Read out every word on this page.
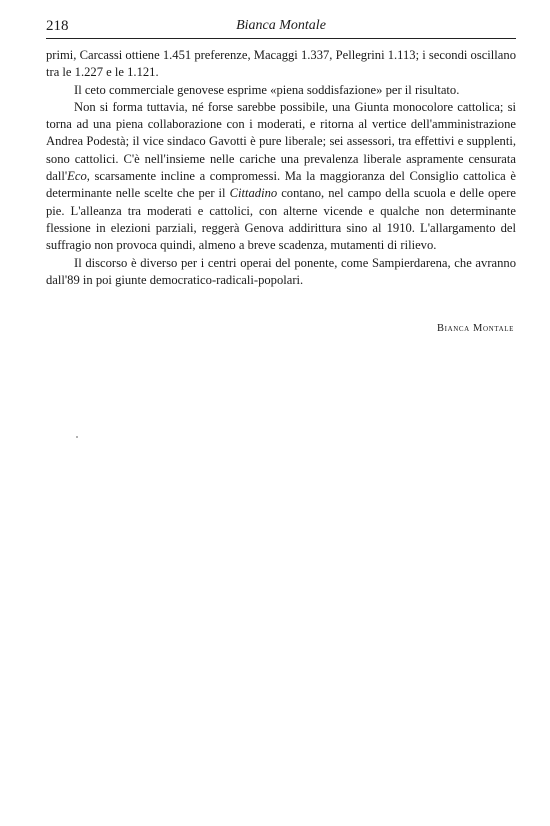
218	Bianca Montale

primi, Carcassi ottiene 1.451 preferenze, Macaggi 1.337, Pellegrini 1.113; i secondi oscillano tra le 1.227 e le 1.121.

Il ceto commerciale genovese esprime «piena soddisfazione» per il risultato.

Non si forma tuttavia, né forse sarebbe possibile, una Giunta monocolore cattolica; si torna ad una piena collaborazione con i moderati, e ritorna al vertice dell'amministrazione Andrea Podestà; il vice sindaco Gavotti è pure liberale; sei assessori, tra effettivi e supplenti, sono cattolici. C'è nell'insieme nelle cariche una prevalenza liberale aspramente censurata dall'Eco, scarsamente incline a compromessi. Ma la maggioranza del Consiglio cattolica è determinante nelle scelte che per il Cittadino contano, nel campo della scuola e delle opere pie. L'alleanza tra moderati e cattolici, con alterne vicende e qualche non determinante flessione in elezioni parziali, reggerà Genova addirittura sino al 1910. L'allargamento del suffragio non provoca quindi, almeno a breve scadenza, mutamenti di rilievo.

Il discorso è diverso per i centri operai del ponente, come Sampierdarena, che avranno dall'89 in poi giunte democratico-radicali-popolari.

Bianca Montale
